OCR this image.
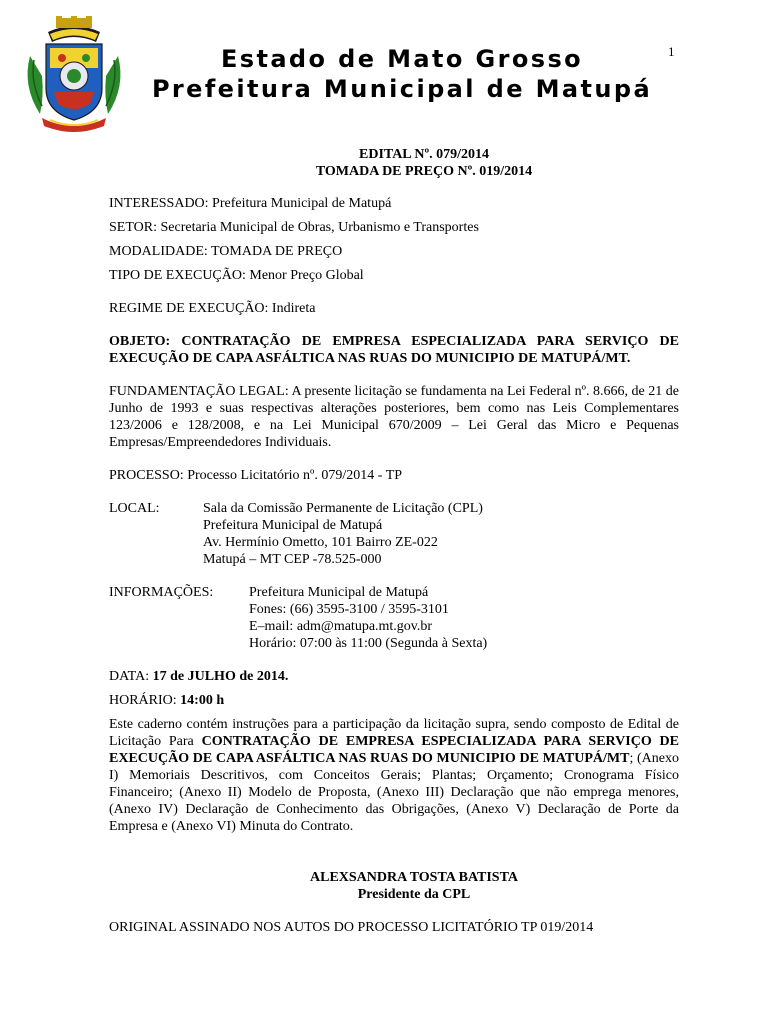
1
Estado de Mato Grosso
Prefeitura Municipal de Matupá
EDITAL Nº. 079/2014
TOMADA DE PREÇO Nº. 019/2014
INTERESSADO: Prefeitura Municipal de Matupá
SETOR: Secretaria Municipal de Obras, Urbanismo e Transportes
MODALIDADE: TOMADA DE PREÇO
TIPO DE EXECUÇÃO: Menor Preço Global
REGIME DE EXECUÇÃO: Indireta
OBJETO: CONTRATAÇÃO DE EMPRESA ESPECIALIZADA PARA SERVIÇO DE EXECUÇÃO DE CAPA ASFÁLTICA NAS RUAS DO MUNICIPIO DE MATUPÁ/MT.
FUNDAMENTAÇÃO LEGAL: A presente licitação se fundamenta na Lei Federal nº. 8.666, de 21 de Junho de 1993 e suas respectivas alterações posteriores, bem como nas Leis Complementares 123/2006 e 128/2008, e na Lei Municipal 670/2009 – Lei Geral das Micro e Pequenas Empresas/Empreendedores Individuais.
PROCESSO: Processo Licitatório nº. 079/2014 - TP
LOCAL:	Sala da Comissão Permanente de Licitação (CPL)
Prefeitura Municipal de Matupá
Av. Hermínio Ometto, 101 Bairro ZE-022
Matupá – MT CEP -78.525-000
INFORMAÇÕES:	Prefeitura Municipal de Matupá
Fones: (66) 3595-3100 / 3595-3101
E–mail: adm@matupa.mt.gov.br
Horário: 07:00 às 11:00 (Segunda à Sexta)
DATA: 17 de JULHO de 2014.
HORÁRIO: 14:00 h
Este caderno contém instruções para a participação da licitação supra, sendo composto de Edital de Licitação Para CONTRATAÇÃO DE EMPRESA ESPECIALIZADA PARA SERVIÇO DE EXECUÇÃO DE CAPA ASFÁLTICA NAS RUAS DO MUNICIPIO DE MATUPÁ/MT; (Anexo I) Memoriais Descritivos, com Conceitos Gerais; Plantas; Orçamento; Cronograma Físico Financeiro; (Anexo II) Modelo de Proposta, (Anexo III) Declaração que não emprega menores, (Anexo IV) Declaração de Conhecimento das Obrigações, (Anexo V) Declaração de Porte da Empresa e (Anexo VI) Minuta do Contrato.
ALEXSANDRA TOSTA BATISTA
Presidente da CPL
ORIGINAL ASSINADO NOS AUTOS DO PROCESSO LICITATÓRIO TP 019/2014
